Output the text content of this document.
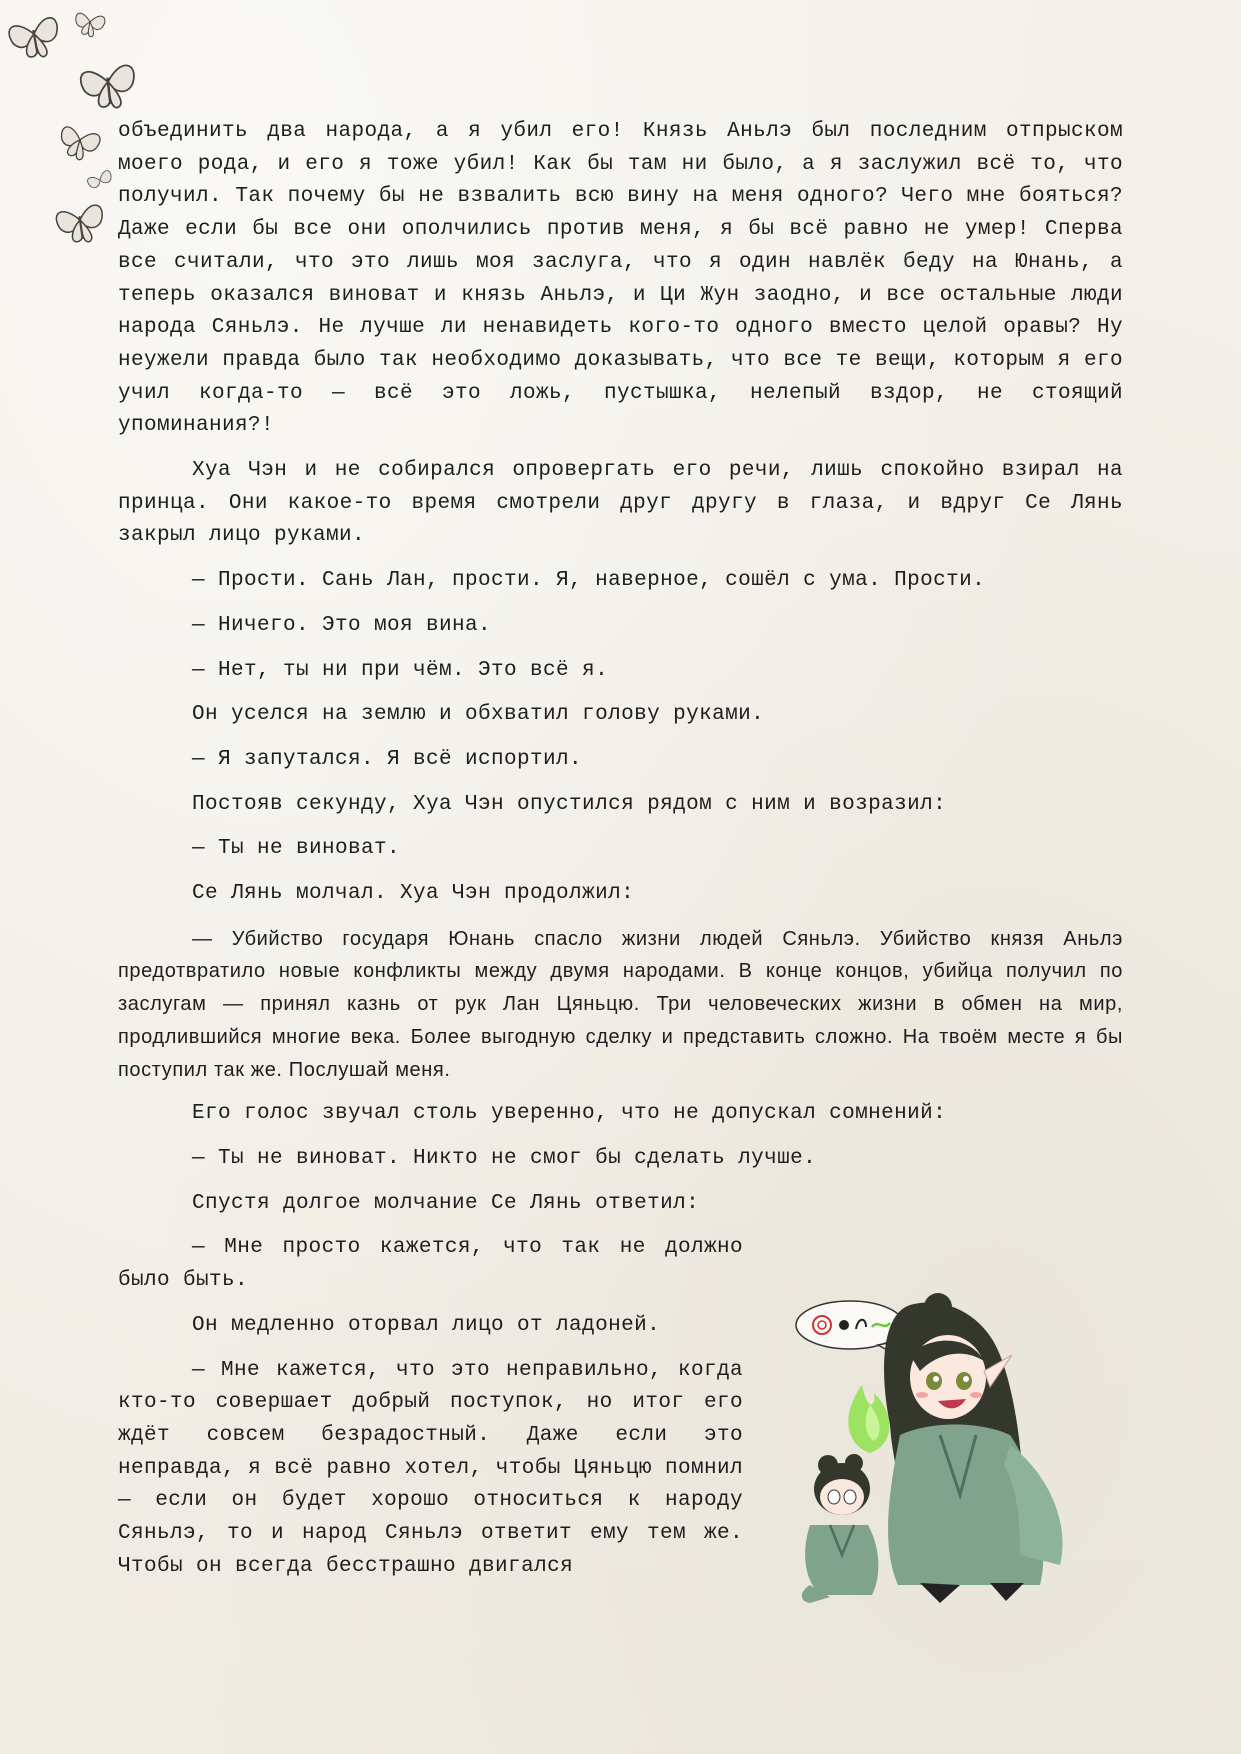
объединить два народа, а я убил его! Князь Аньлэ был последним отпрыском моего рода, и его я тоже убил! Как бы там ни было, а я заслужил всё то, что получил. Так почему бы не взвалить всю вину на меня одного? Чего мне бояться? Даже если бы все они ополчились против меня, я бы всё равно не умер! Сперва все считали, что это лишь моя заслуга, что я один навлёк беду на Юнань, а теперь оказался виноват и князь Аньлэ, и Ци Жун заодно, и все остальные люди народа Сяньлэ. Не лучше ли ненавидеть кого-то одного вместо целой оравы? Ну неужели правда было так необходимо доказывать, что все те вещи, которым я его учил когда-то — всё это ложь, пустышка, нелепый вздор, не стоящий упоминания?!

Хуа Чэн и не собирался опровергать его речи, лишь спокойно взирал на принца. Они какое-то время смотрели друг другу в глаза, и вдруг Се Лянь закрыл лицо руками.

— Прости. Сань Лан, прости. Я, наверное, сошёл с ума. Прости.

— Ничего. Это моя вина.

— Нет, ты ни при чём. Это всё я.

Он уселся на землю и обхватил голову руками.

— Я запутался. Я всё испортил.

Постояв секунду, Хуа Чэн опустился рядом с ним и возразил:

— Ты не виноват.

Се Лянь молчал. Хуа Чэн продолжил:

— Убийство государя Юнань спасло жизни людей Сяньлэ. Убийство князя Аньлэ предотвратило новые конфликты между двумя народами. В конце концов, убийца получил по заслугам — принял казнь от рук Лан Цяньцю. Три человеческих жизни в обмен на мир, продлившийся многие века. Более выгодную сделку и представить сложно. На твоём месте я бы поступил так же. Послушай меня.

Его голос звучал столь уверенно, что не допускал сомнений:

— Ты не виноват. Никто не смог бы сделать лучше.

Спустя долгое молчание Се Лянь ответил:

— Мне просто кажется, что так не должно было быть.

Он медленно оторвал лицо от ладоней.

— Мне кажется, что это неправильно, когда кто-то совершает добрый поступок, но итог его ждёт совсем безрадостный. Даже если это неправда, я всё равно хотел, чтобы Цяньцю помнил — если он будет хорошо относиться к народу Сяньлэ, то и народ Сяньлэ ответит ему тем же. Чтобы он всегда бесстрашно двигался
